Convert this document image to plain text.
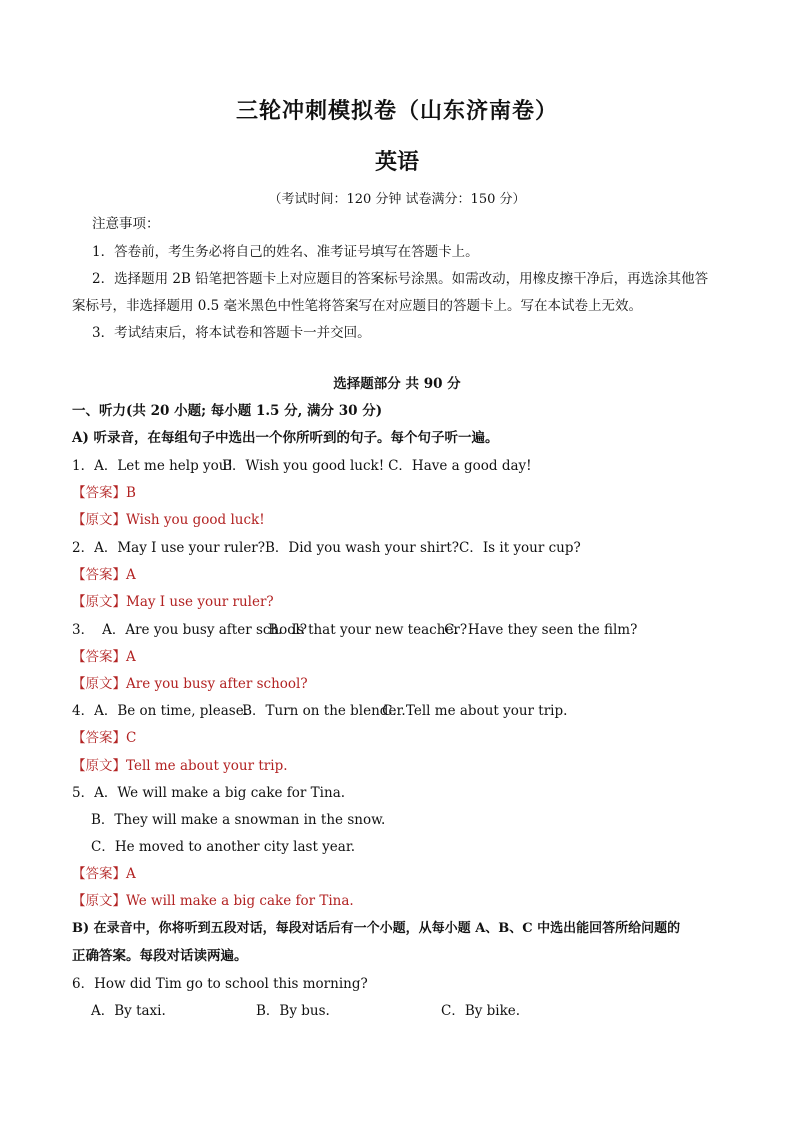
三轮冲刺模拟卷（山东济南卷）
英语
（考试时间：120 分钟 试卷满分：150 分）
注意事项：
1．答卷前，考生务必将自己的姓名、准考证号填写在答题卡上。
2．选择题用 2B 铅笔把答题卡上对应题目的答案标号涂黑。如需改动，用橡皮擦干净后，再选涂其他答
案标号，非选择题用 0.5 毫米黑色中性笔将答案写在对应题目的答题卡上。写在本试卷上无效。
3．考试结束后，将本试卷和答题卡一并交回。
选择题部分 共 90 分
一、听力(共 20 小题; 每小题 1.5 分, 满分 30 分)
A) 听录音，在每组句子中选出一个你所听到的句子。每个句子听一遍。
1．A．Let me help you!B．Wish you good luck! C．Have a good day!
【答案】B
【原文】Wish you good luck!
2．A．May I use your ruler?B．Did you wash your shirt?C．Is it your cup?
【答案】A
【原文】May I use your ruler?
3． A．Are you busy after school?B．Is that your new teacher?C．Have they seen the film?
【答案】A
【原文】Are you busy after school?
4．A．Be on time, please.B．Turn on the blender.C．Tell me about your trip.
【答案】C
【原文】Tell me about your trip.
5．A．We will make a big cake for Tina.
B．They will make a snowman in the snow.
C．He moved to another city last year.
【答案】A
【原文】We will make a big cake for Tina.
B) 在录音中，你将听到五段对话，每段对话后有一个小题，从每小题 A、B、C 中选出能回答所给问题的
正确答案。每段对话读两遍。
6．How did Tim go to school this morning?
A．By taxi.	B．By bus.	C．By bike.
